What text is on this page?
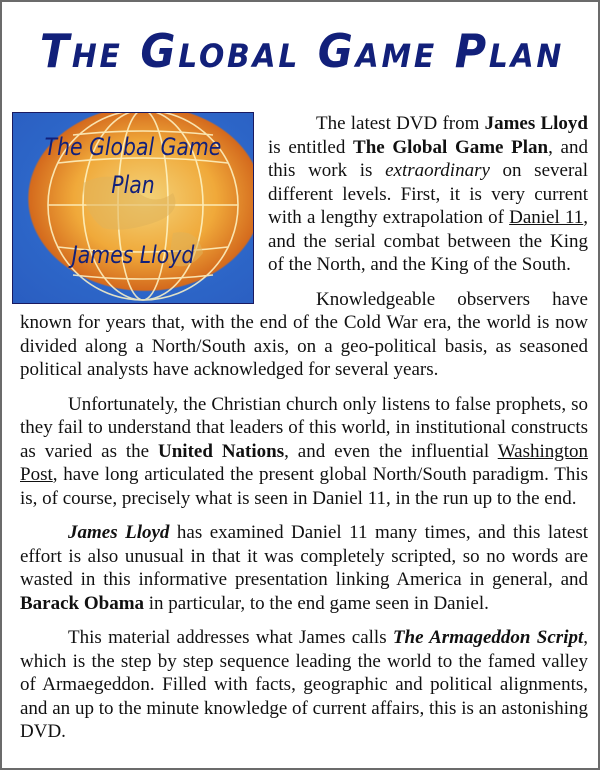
The Global Game Plan
The Global Game
Plan
James Lloyd

The latest DVD from James Lloyd is entitled The Global Game Plan, and this work is extraordinary on several different levels. First, it is very current with a lengthy extrapolation of Daniel 11, and the serial combat between the King of the North, and the King of the South.

Knowledgeable observers have known for years that, with the end of the Cold War era, the world is now divided along a North/South axis, on a geo-political basis, as seasoned political analysts have acknowledged for several years.

Unfortunately, the Christian church only listens to false prophets, so they fail to understand that leaders of this world, in institutional constructs as varied as the United Nations, and even the influential Washington Post, have long articulated the present global North/South paradigm. This is, of course, precisely what is seen in Daniel 11, in the run up to the end.

James Lloyd has examined Daniel 11 many times, and this latest effort is also unusual in that it was completely scripted, so no words are wasted in this informative presentation linking America in general, and Barack Obama in particular, to the end game seen in Daniel.

This material addresses what James calls The Armageddon Script, which is the step by step sequence leading the world to the famed valley of Armaegeddon. Filled with facts, geographic and political alignments, and an up to the minute knowledge of current affairs, this is an astonishing DVD.
